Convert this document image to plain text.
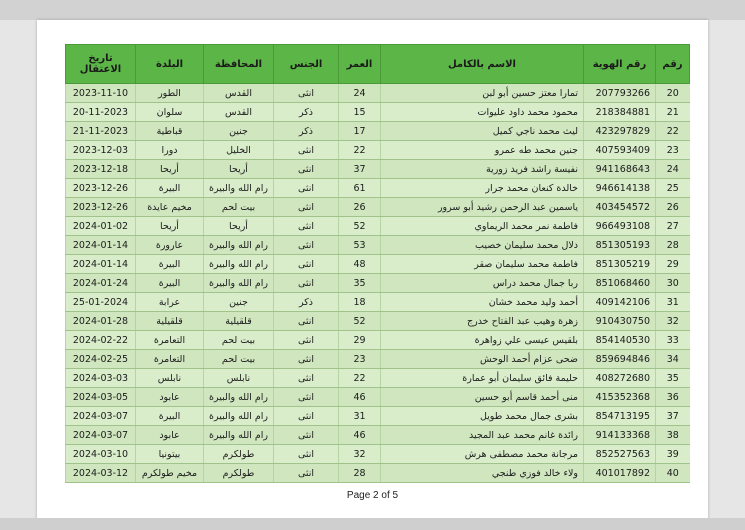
رقم	رقم الهوية	الاسم بالكامل	العمر	الجنس	المحافظة	البلدة	تاريخ الاعتقال
20	207793266	تمارا معتز حسين أبو لبن	24	انثى	القدس	الطور	2023-11-10
21	218384881	محمود محمد داود عليوات	15	ذكر	القدس	سلوان	20-11-2023
22	423297829	ليث محمد ناجي كميل	17	ذكر	جنين	قباطية	21-11-2023
23	407593409	جنين محمد طه عمرو	22	انثى	الخليل	دورا	2023-12-03
24	941168643	نفيسة راشد فريد زورية	37	انثى	أريحا	أريحا	2023-12-18
25	946614138	خالدة كنعان محمد جرار	61	انثى	رام الله والبيرة	البيرة	2023-12-26
26	403454572	ياسمين عبد الرحمن رشيد أبو سرور	26	انثى	بيت لحم	مخيم عايدة	2023-12-26
27	966493108	فاطمة نمر محمد الريماوي	52	انثى	أريحا	أريحا	2024-01-02
28	851305193	دلال محمد سليمان خصيب	53	انثى	رام الله والبيرة	عارورة	2024-01-14
29	851305219	فاطمة محمد سليمان صقر	48	انثى	رام الله والبيرة	البيرة	2024-01-14
30	851068460	ربا جمال محمد دراس	35	انثى	رام الله والبيرة	البيرة	2024-01-24
31	409142106	أحمد وليد محمد خشان	18	ذكر	جنين	عرابة	25-01-2024
32	910430750	زهرة وهيب عبد الفتاح خدرج	52	انثى	قلقيلية	قلقيلية	2024-01-28
33	854140530	بلقيس عيسى علي زواهرة	29	انثى	بيت لحم	التعامرة	2024-02-22
34	859694846	ضحى عزام أحمد الوحش	23	انثى	بيت لحم	التعامرة	2024-02-25
35	408272680	حليمة فائق سليمان أبو عمارة	22	انثى	نابلس	نابلس	2024-03-03
36	415352368	منى أحمد قاسم أبو حسين	46	انثى	رام الله والبيرة	عابود	2024-03-05
37	854713195	بشرى جمال محمد طويل	31	انثى	رام الله والبيرة	البيرة	2024-03-07
38	914133368	رائدة غانم محمد عبد المجيد	46	انثى	رام الله والبيرة	عابود	2024-03-07
39	852527563	مرجانة محمد مصطفى هرش	32	انثى	طولكرم	بيتونيا	2024-03-10
40	401017892	ولاء خالد فوزي طنجي	28	انثى	طولكرم	مخيم طولكرم	2024-03-12
Page 2 of 5
